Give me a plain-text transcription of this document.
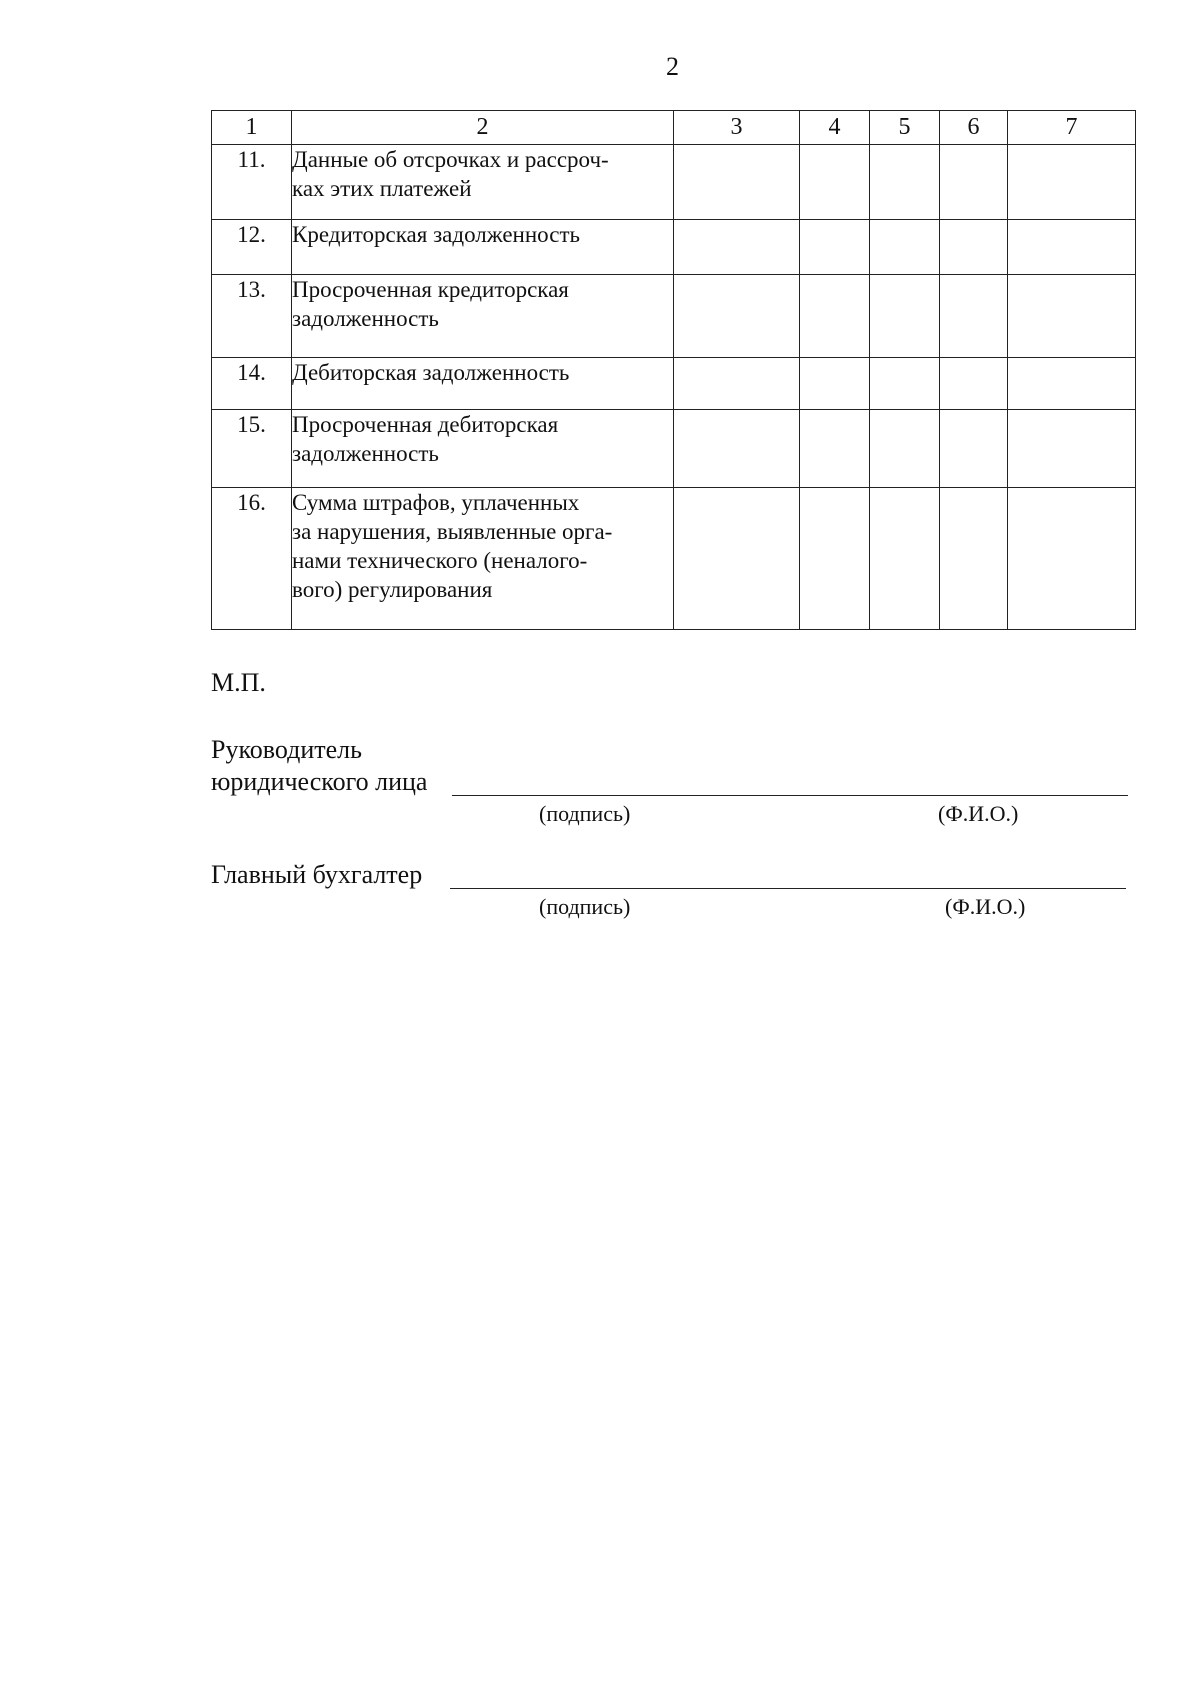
2
1	2	3	4	5	6	7
11.	Данные об отсрочках и рассроч-
ках этих платежей					

12.	Кредиторская задолженность					

13.	Просроченная кредиторская
задолженность					

14.	Дебиторская задолженность					

15.	Просроченная дебиторская
задолженность					

16.	Сумма штрафов, уплаченных
за нарушения, выявленные орга-
нами технического (неналого-
вого) регулирования					

М.П.
Руководитель
юридического лица
(подпись)	(Ф.И.О.)
Главный бухгалтер
(подпись)	(Ф.И.О.)
